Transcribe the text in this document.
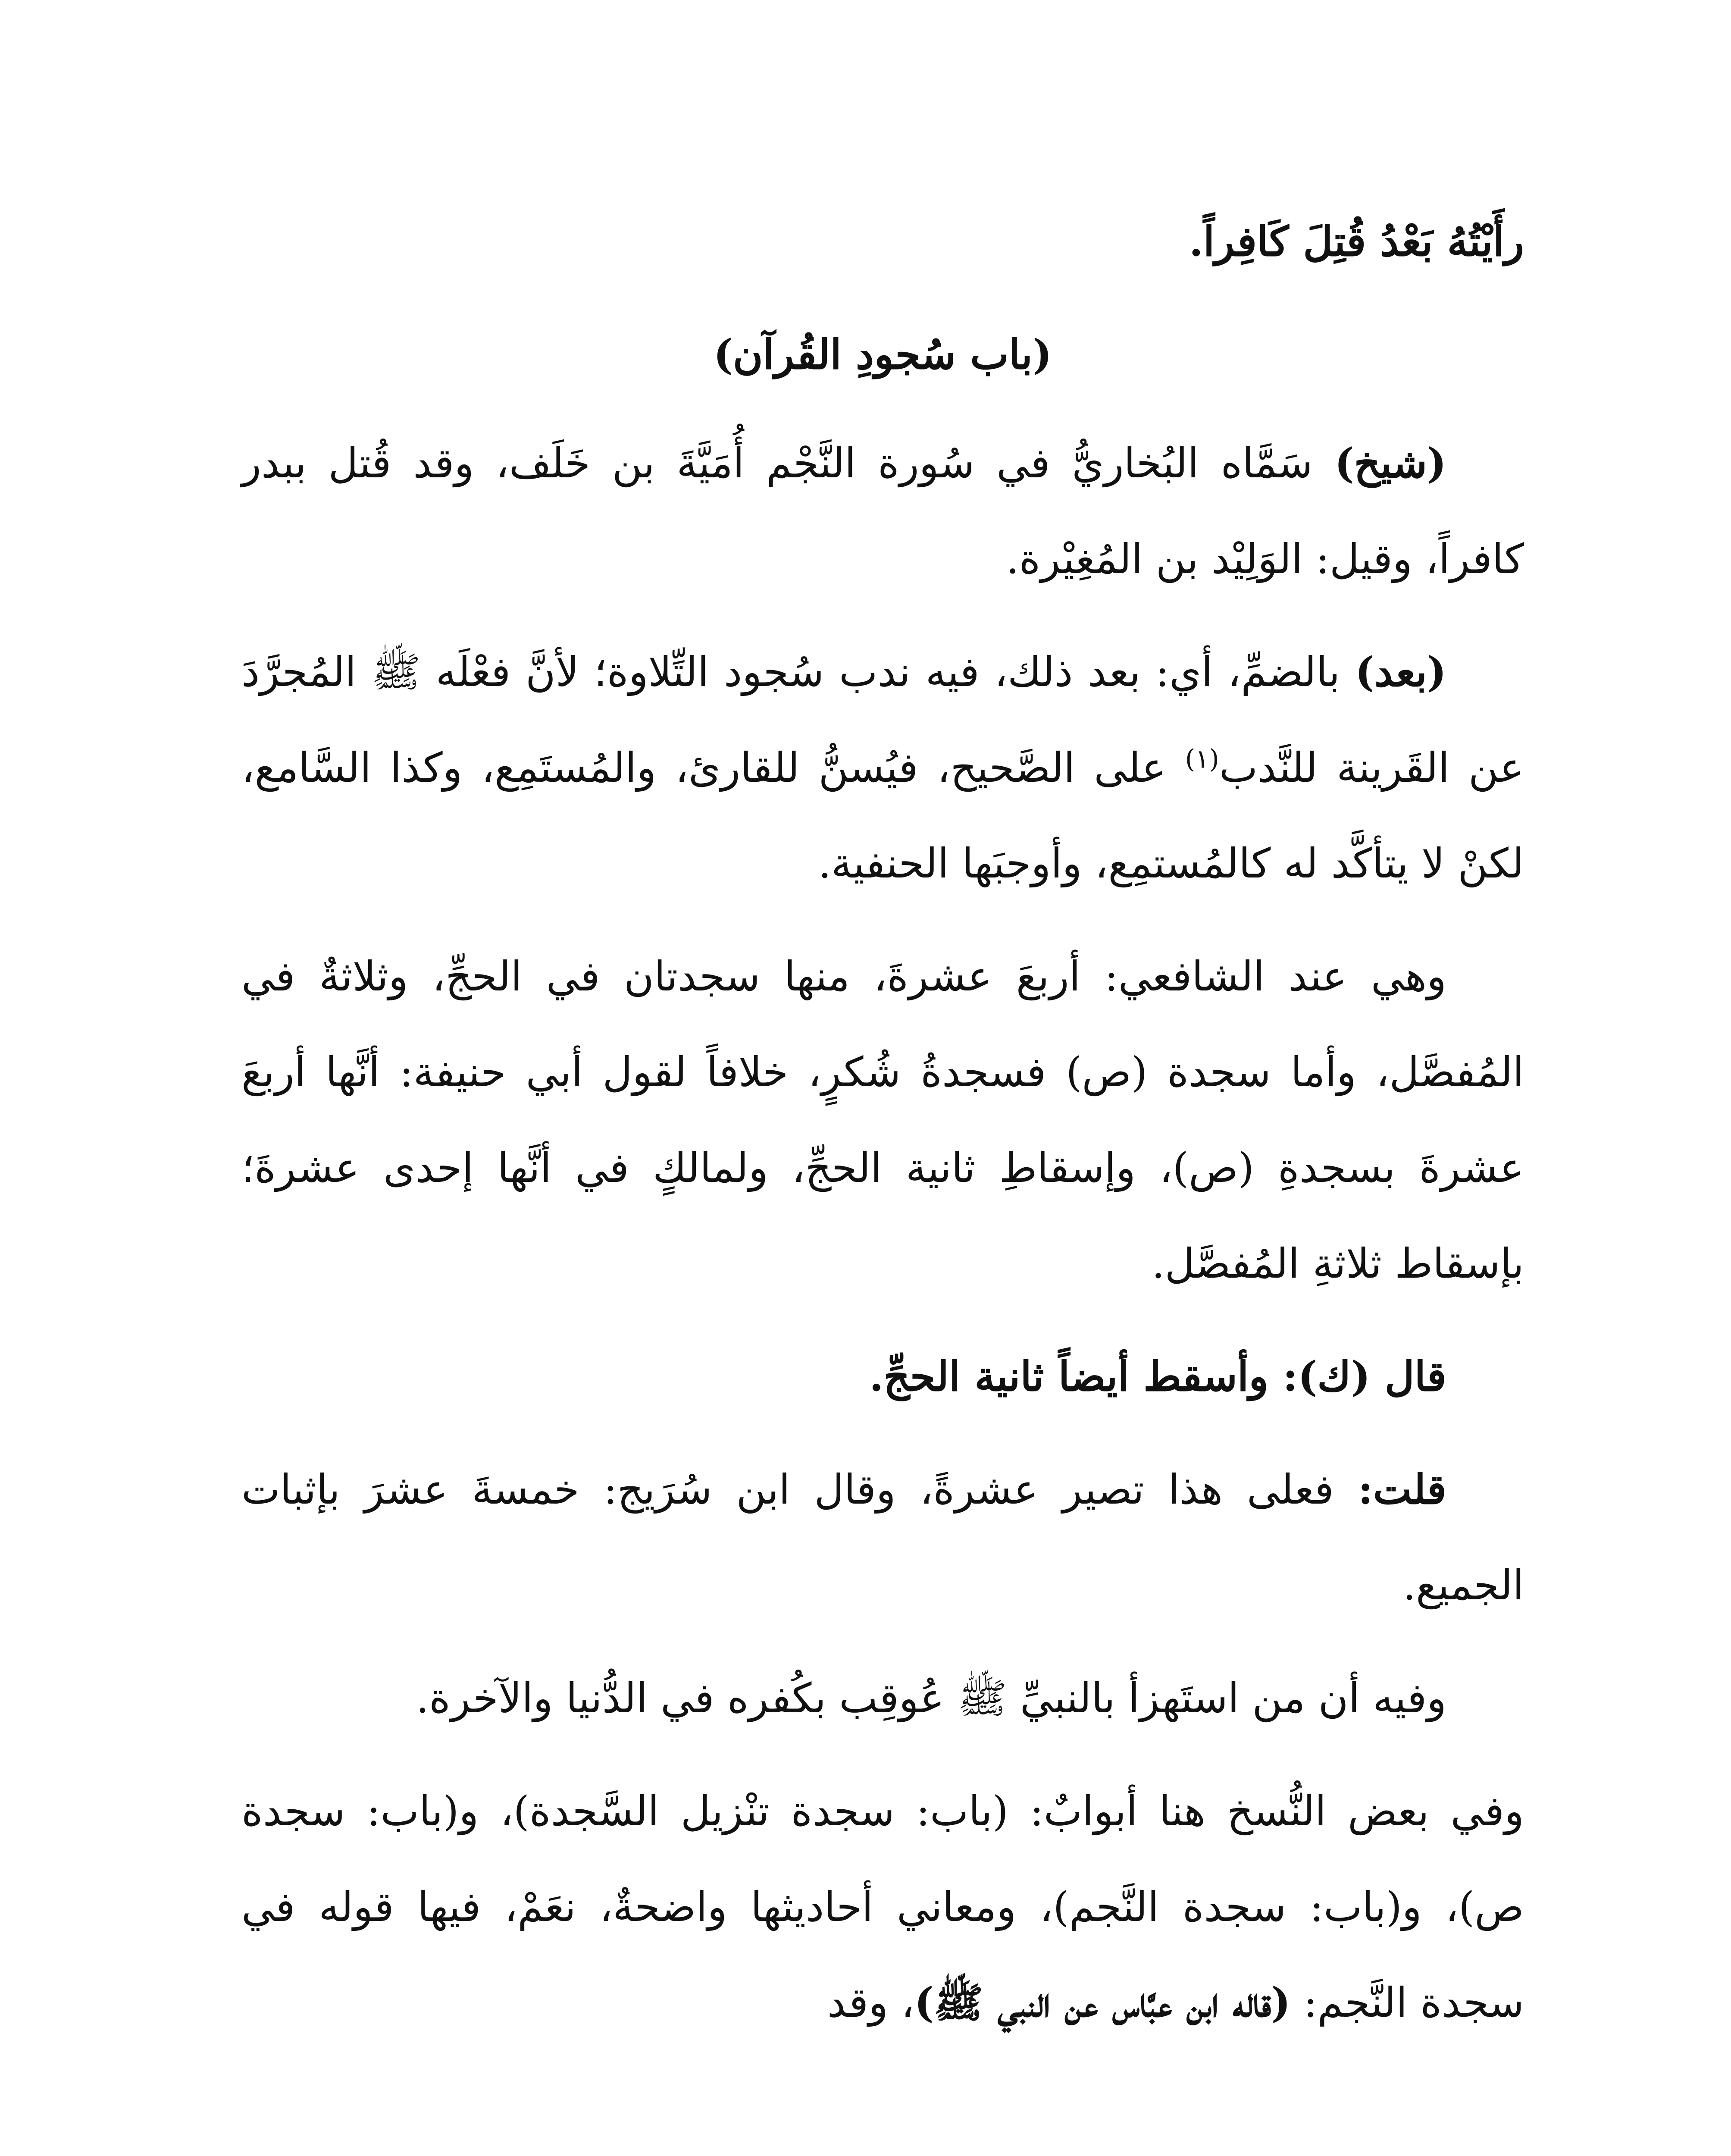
رأَيْتُهُ بَعْدُ قُتِلَ كَافِراً.

(باب سُجودِ القُرآن)

(شيخ) سَمَّاه البُخاريُّ في سُورة النَّجْم أُمَيَّةَ بن خَلَف، وقد قُتل ببدر كافراً، وقيل: الوَلِيْد بن المُغِيْرة.

(بعد) بالضمِّ، أي: بعد ذلك، فيه ندب سُجود التِّلاوة؛ لأنَّ فعْلَه ﷺ المُجرَّدَ عن القَرينة للنَّدب$^{(١)}$ على الصَّحيح، فيُسنُّ للقارئ، والمُستَمِع، وكذا السَّامع، لكنْ لا يتأكَّد له كالمُستمِع، وأوجبَها الحنفية.

وهي عند الشافعي: أربعَ عشرةَ، منها سجدتان في الحجِّ، وثلاثةٌ في المُفصَّل، وأما سجدة (ص) فسجدةُ شُكرٍ، خلافاً لقول أبي حنيفة: أنَّها أربعَ عشرةَ بسجدةِ (ص)، وإسقاطِ ثانية الحجِّ، ولمالكٍ في أنَّها إحدى عشرةَ؛ بإسقاط ثلاثةِ المُفصَّل.

قال (ك): وأسقط أيضاً ثانية الحجِّ.

قلت: فعلى هذا تصير عشرةً، وقال ابن سُرَيج: خمسةَ عشرَ بإثبات الجميع.

وفيه أن من استَهزأ بالنبيِّ ﷺ عُوقِب بكُفره في الدُّنيا والآخرة.

وفي بعض النُّسخ هنا أبوابٌ: (باب: سجدة تنْزيل السَّجدة)، و(باب: سجدة ص)، و(باب: سجدة النَّجم)، ومعاني أحاديثها واضحةٌ، نعَمْ، فيها قوله في سجدة النَّجم: (قاله ابن عبَّاس عن النبي ﷺ)، وقد
